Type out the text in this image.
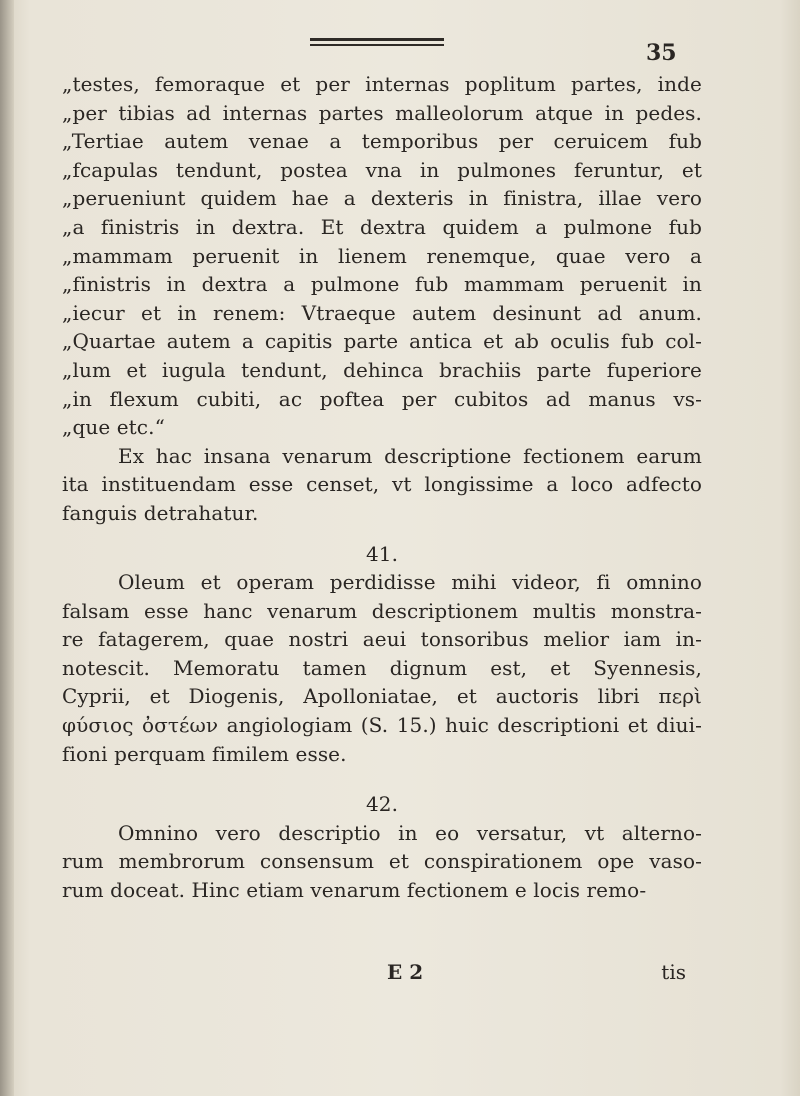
35
„testes, femoraque et per internas poplitum partes, inde
„per tibias ad internas partes malleolorum atque in pedes.
„Tertiae autem venae a temporibus per ceruicem fub
„fcapulas tendunt, postea vna in pulmones feruntur, et
„perueniunt quidem hae a dexteris in finistra, illae vero
„a finistris in dextra. Et dextra quidem a pulmone fub
„mammam peruenit in lienem renemque, quae vero a
„finistris in dextra a pulmone fub mammam peruenit in
„iecur et in renem: Vtraeque autem desinunt ad anum.
„Quartae autem a capitis parte antica et ab oculis fub col-
„lum et iugula tendunt, dehinca brachiis parte fuperiore
„in flexum cubiti, ac poftea per cubitos ad manus vs-
„que etc.“
Ex hac insana venarum descriptione fectionem earum
ita instituendam esse censet, vt longissime a loco adfecto
fanguis detrahatur.
41.
Oleum et operam perdidisse mihi videor, fi omnino
falsam esse hanc venarum descriptionem multis monstra-
re fatagerem, quae nostri aeui tonsoribus melior iam in-
notescit. Memoratu tamen dignum est, et Syennesis,
Cyprii, et Diogenis, Apolloniatae, et auctoris libri περὶ
φύσιος ὀστέων angiologiam (S. 15.) huic descriptioni et diui-
fioni perquam fimilem esse.
42.
Omnino vero descriptio in eo versatur, vt alterno-
rum membrorum consensum et conspirationem ope vaso-
rum doceat. Hinc etiam venarum fectionem e locis remo-
E 2	tis
